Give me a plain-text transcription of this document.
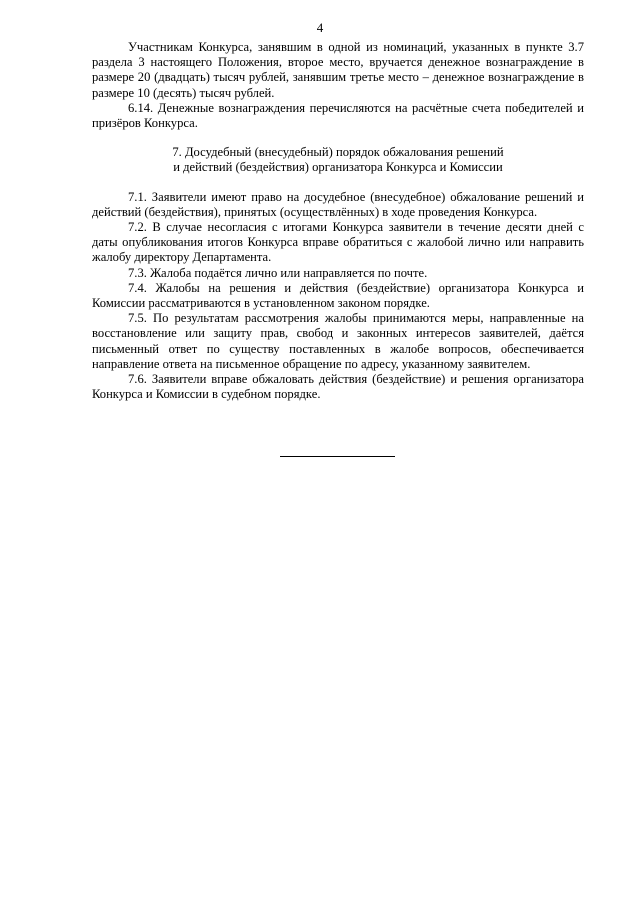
4

Участникам Конкурса, занявшим в одной из номинаций, указанных в пункте 3.7 раздела 3 настоящего Положения, второе место, вручается денежное вознаграждение в размере 20 (двадцать) тысяч рублей, занявшим третье место – денежное вознаграждение в размере 10 (десять) тысяч рублей.

6.14. Денежные вознаграждения перечисляются на расчётные счета победителей и призёров Конкурса.

7. Досудебный (внесудебный) порядок обжалования решений
и действий (бездействия) организатора Конкурса и Комиссии

7.1. Заявители имеют право на досудебное (внесудебное) обжалование решений и действий (бездействия), принятых (осуществлённых) в ходе проведения Конкурса.

7.2. В случае несогласия с итогами Конкурса заявители в течение десяти дней с даты опубликования итогов Конкурса вправе обратиться с жалобой лично или направить жалобу директору Департамента.

7.3. Жалоба подаётся лично или направляется по почте.

7.4. Жалобы на решения и действия (бездействие) организатора Конкурса и Комиссии рассматриваются в установленном законом порядке.

7.5. По результатам рассмотрения жалобы принимаются меры, направленные на восстановление или защиту прав, свобод и законных интересов заявителей, даётся письменный ответ по существу поставленных в жалобе вопросов, обеспечивается направление ответа на письменное обращение по адресу, указанному заявителем.

7.6. Заявители вправе обжаловать действия (бездействие) и решения организатора Конкурса и Комиссии в судебном порядке.
